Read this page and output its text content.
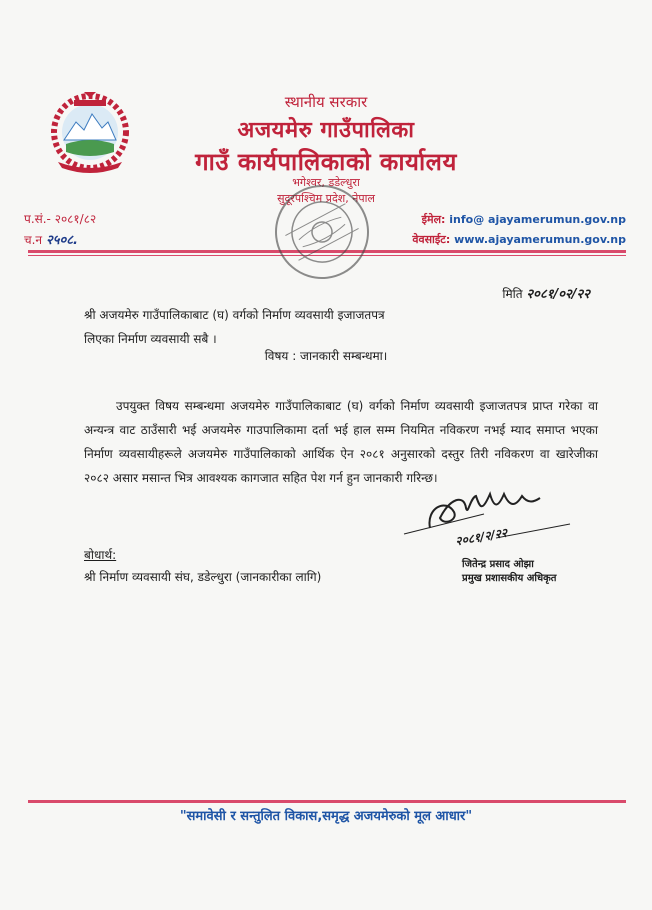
स्थानीय सरकार
अजयमेरु गाउँपालिका
गाउँ कार्यपालिकाको कार्यालय
भगेश्वर, डडेल्धुरा
सुदूरपश्चिम प्रदेश, नेपाल
प.सं.- २०८१/८२
च.न २५०८.
ईमेल: info@ ajayamerumun.gov.np
वेवसाईट: www.ajayamerumun.gov.np
मिति २०८१/०२/२२
श्री अजयमेरु गाउँपालिकाबाट (घ) वर्गको निर्माण व्यवसायी इजाजतपत्र
लिएका निर्माण व्यवसायी सबै ।
विषय : जानकारी सम्बन्धमा।

उपयुक्त विषय सम्बन्धमा अजयमेरु गाउँपालिकाबाट (घ) वर्गको निर्माण व्यवसायी इजाजतपत्र प्राप्त गरेका वा अन्यन्त्र वाट ठाउँसारी भई अजयमेरु गाउपालिकामा दर्ता भई हाल सम्म नियमित नविकरण नभई म्याद समाप्त भएका निर्माण व्यवसायीहरूले अजयमेरु गाउँपालिकाको आर्थिक ऐन २०८१ अनुसारको दस्तुर तिरी नविकरण वा खारेजीका २०८२ असार मसान्त भित्र आवश्यक कागजात सहित पेश गर्न हुन जानकारी गरिन्छ।

२०८१/२/२२
जितेन्द्र प्रसाद ओझा
प्रमुख प्रशासकीय अधिकृत
बोधार्थ:
श्री निर्माण व्यवसायी संघ, डडेल्धुरा (जानकारीका लागि)
"समावेसी र सन्तुलित विकास,समृद्ध अजयमेरुको मूल आधार"
